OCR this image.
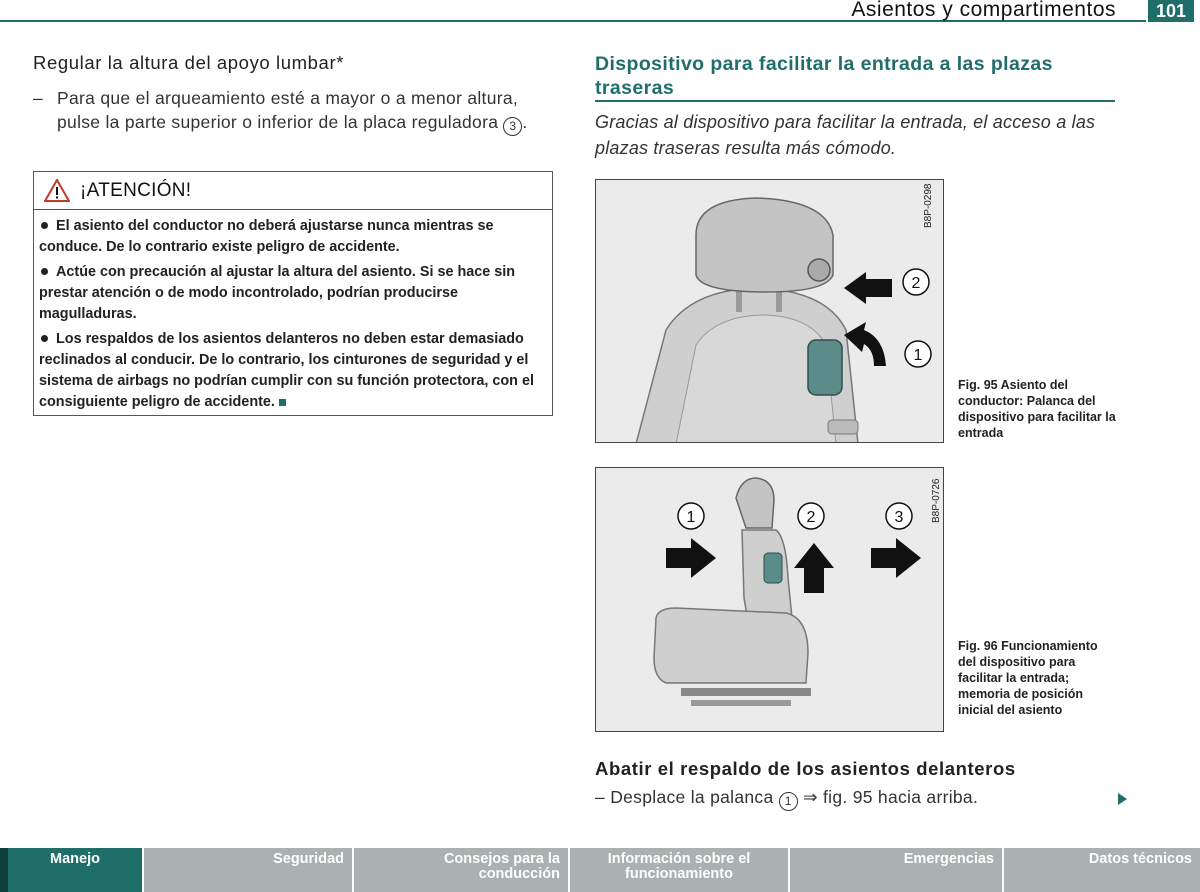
Asientos y compartimentos	101
Regular la altura del apoyo lumbar*
– Para que el arqueamiento esté a mayor o a menor altura, pulse la parte superior o inferior de la placa reguladora 3 .
¡ATENCIÓN!

El asiento del conductor no deberá ajustarse nunca mientras se conduce. De lo contrario existe peligro de accidente.

Actúe con precaución al ajustar la altura del asiento. Si se hace sin prestar atención o de modo incontrolado, podrían producirse magulladuras.

Los respaldos de los asientos delanteros no deben estar demasiado reclinados al conducir. De lo contrario, los cinturones de seguridad y el sistema de airbags no podrían cumplir con su función protectora, con el consiguiente peligro de accidente.

Dispositivo para facilitar la entrada a las plazas traseras
Gracias al dispositivo para facilitar la entrada, el acceso a las plazas traseras resulta más cómodo.
B8P-0298
2
1
Fig. 95 Asiento del conductor: Palanca del dispositivo para facilitar la entrada
B8P-0726
1	2	3
Fig. 96 Funcionamiento del dispositivo para facilitar la entrada; memoria de posición inicial del asiento
Abatir el respaldo de los asientos delanteros
– Desplace la palanca 1 ⇒ fig. 95 hacia arriba.
Manejo	Seguridad	Consejos para la conducción
Información sobre el funcionamiento
Emergencias	Datos técnicos
